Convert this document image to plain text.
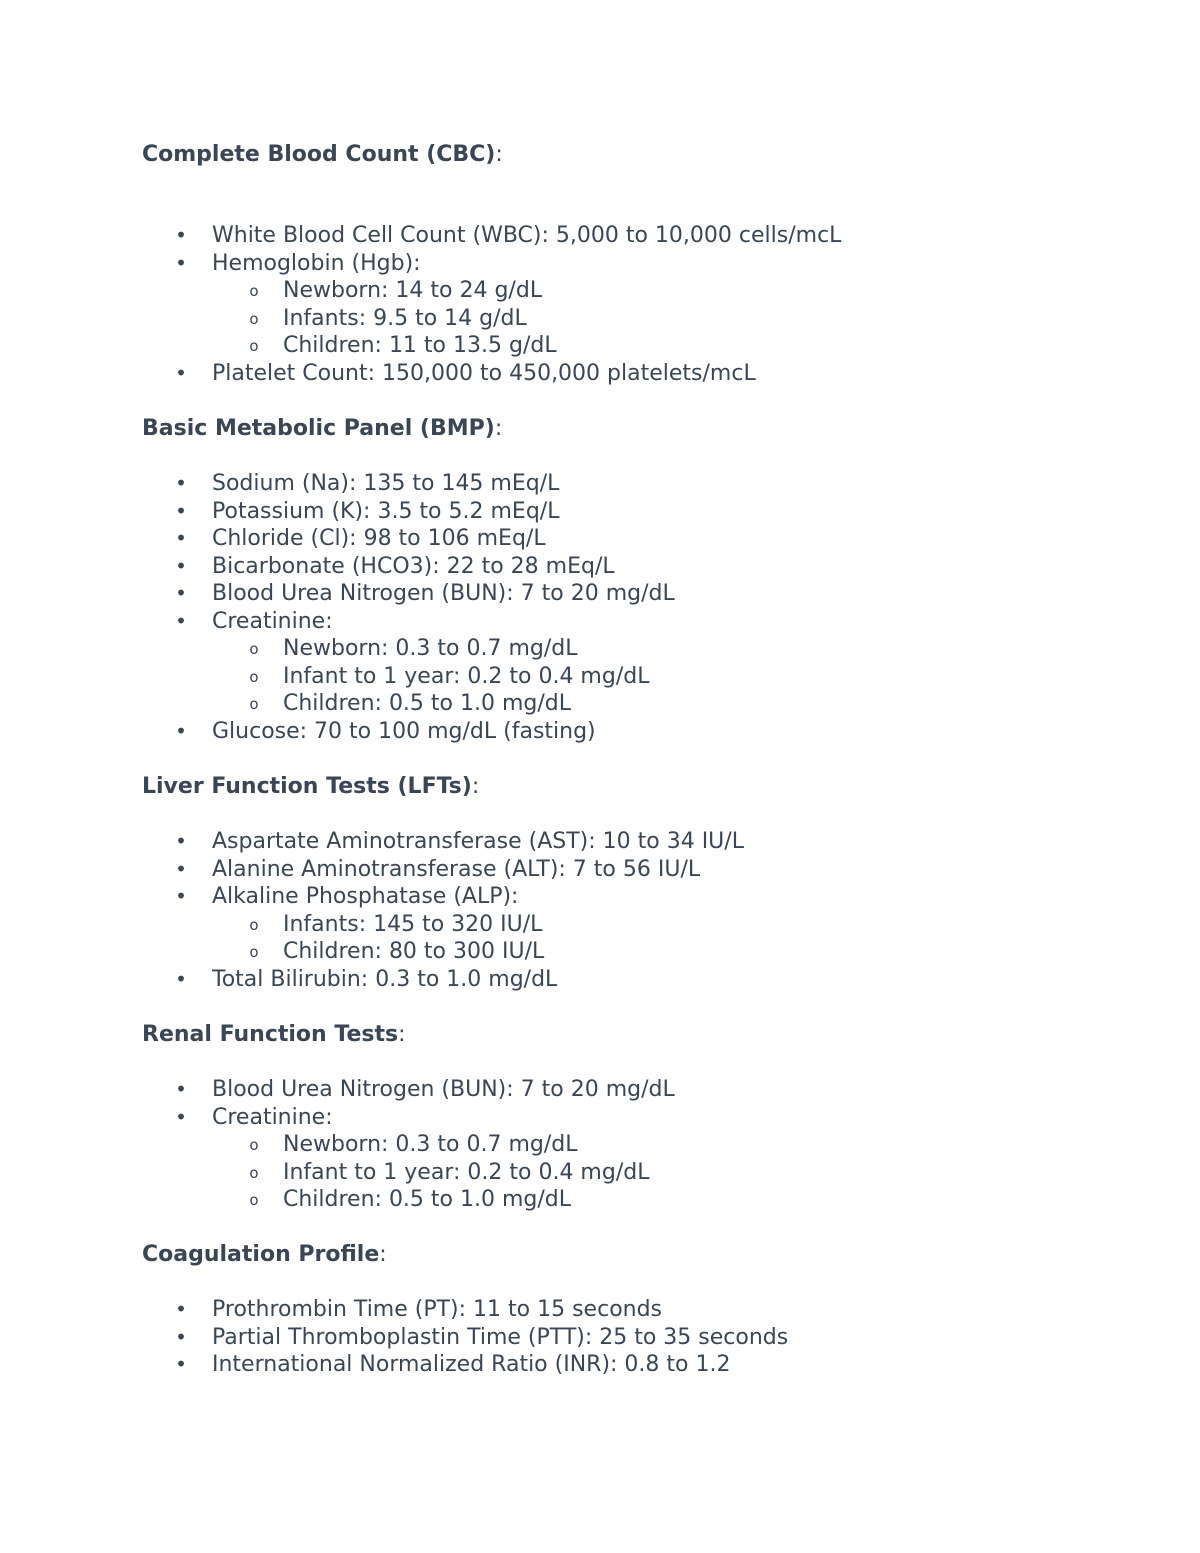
Complete Blood Count (CBC):
• White Blood Cell Count (WBC): 5,000 to 10,000 cells/mcL
• Hemoglobin (Hgb):
o Newborn: 14 to 24 g/dL
o Infants: 9.5 to 14 g/dL
o Children: 11 to 13.5 g/dL
• Platelet Count: 150,000 to 450,000 platelets/mcL
Basic Metabolic Panel (BMP):
• Sodium (Na): 135 to 145 mEq/L
• Potassium (K): 3.5 to 5.2 mEq/L
• Chloride (Cl): 98 to 106 mEq/L
• Bicarbonate (HCO3): 22 to 28 mEq/L
• Blood Urea Nitrogen (BUN): 7 to 20 mg/dL
• Creatinine:
o Newborn: 0.3 to 0.7 mg/dL
o Infant to 1 year: 0.2 to 0.4 mg/dL
o Children: 0.5 to 1.0 mg/dL
• Glucose: 70 to 100 mg/dL (fasting)
Liver Function Tests (LFTs):
• Aspartate Aminotransferase (AST): 10 to 34 IU/L
• Alanine Aminotransferase (ALT): 7 to 56 IU/L
• Alkaline Phosphatase (ALP):
o Infants: 145 to 320 IU/L
o Children: 80 to 300 IU/L
• Total Bilirubin: 0.3 to 1.0 mg/dL
Renal Function Tests:
• Blood Urea Nitrogen (BUN): 7 to 20 mg/dL
• Creatinine:
o Newborn: 0.3 to 0.7 mg/dL
o Infant to 1 year: 0.2 to 0.4 mg/dL
o Children: 0.5 to 1.0 mg/dL
Coagulation Profile:
• Prothrombin Time (PT): 11 to 15 seconds
• Partial Thromboplastin Time (PTT): 25 to 35 seconds
• International Normalized Ratio (INR): 0.8 to 1.2
